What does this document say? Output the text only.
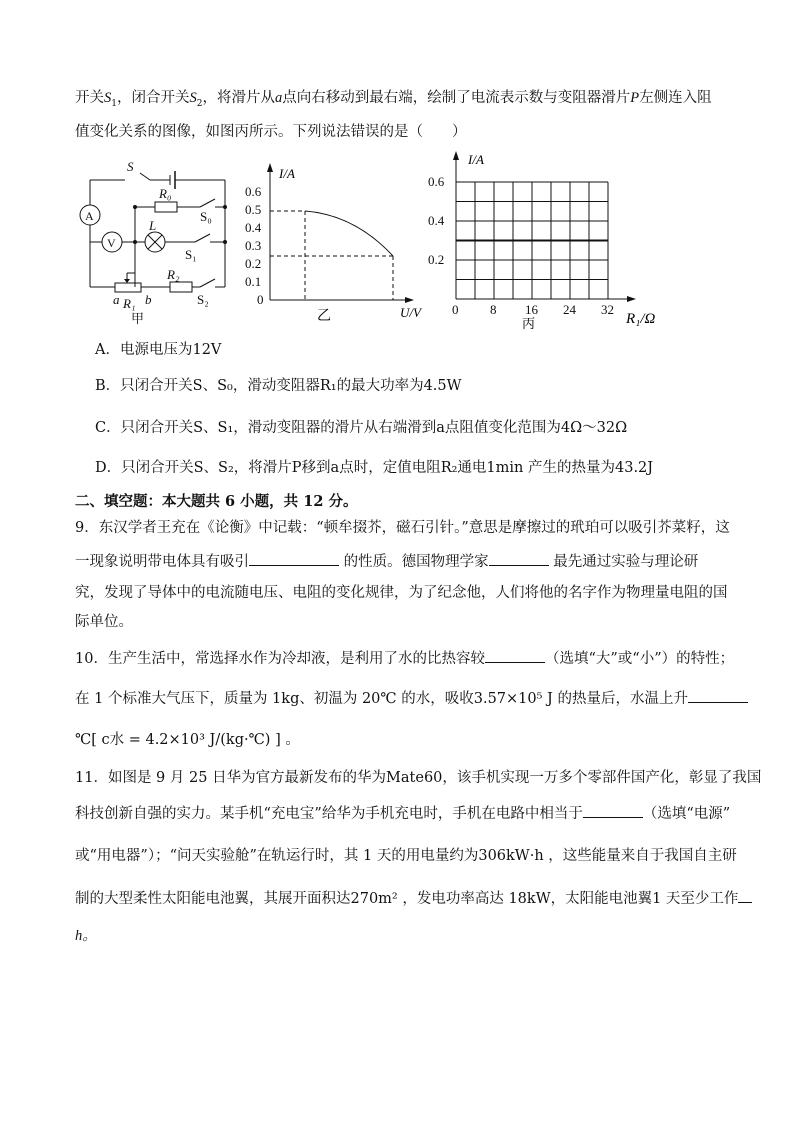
开关$S_1$，闭合开关$S_2$，将滑片从a点向右移动到最右端，绘制了电流表示数与变阻器滑片P左侧连入阻
值变化关系的图像，如图丙所示。下列说法错误的是（　　）
S
R₀
S₀
L
S₁
R₂
S₂
R₁
a b
A
V
甲
0.6
0.5
0.4
0.3
0.2
0.1
0
I/A
U/V
乙
I/A
R₁/Ω
丙
0.6
0.4
0.2
0 8 16 24 32
A．电源电压为12V
B．只闭合开关S、S₀，滑动变阻器R₁的最大功率为4.5W
C．只闭合开关S、S₁，滑动变阻器的滑片从右端滑到a点阻值变化范围为4Ω～32Ω
D．只闭合开关S、S₂，将滑片P移到a点时，定值电阻R₂通电1min 产生的热量为43.2J
二、填空题：本大题共 6 小题，共 12 分。
9．东汉学者王充在《论衡》中记载：“顿牟掇芥，磁石引针。”意思是摩擦过的玳珀可以吸引芥菜籽，这
一现象说明带电体具有吸引	的性质。德国物理学家	最先通过实验与理论研
究，发现了导体中的电流随电压、电阻的变化规律，为了纪念他，人们将他的名字作为物理量电阻的国
际单位。
10．生产生活中，常选择水作为冷却液，是利用了水的比热容较	（选填“大”或“小”）的特性；
在 1 个标准大气压下，质量为 1kg、初温为 20℃ 的水，吸收3.57×10⁵ J 的热量后，水温上升
℃[ c水 = 4.2×10³ J/(kg·℃) ] 。
11．如图是 9 月 25 日华为官方最新发布的华为Mate60，该手机实现一万多个零部件国产化，彰显了我国
科技创新自强的实力。某手机“充电宝”给华为手机充电时，手机在电路中相当于	（选填“电源”
或“用电器”）；“问天实验舱”在轨运行时，其 1 天的用电量约为306kW·h ，这些能量来自于我国自主研
制的大型柔性太阳能电池翼，其展开面积达270m² ，发电功率高达 18kW，太阳能电池翼1 天至少工作
h。
